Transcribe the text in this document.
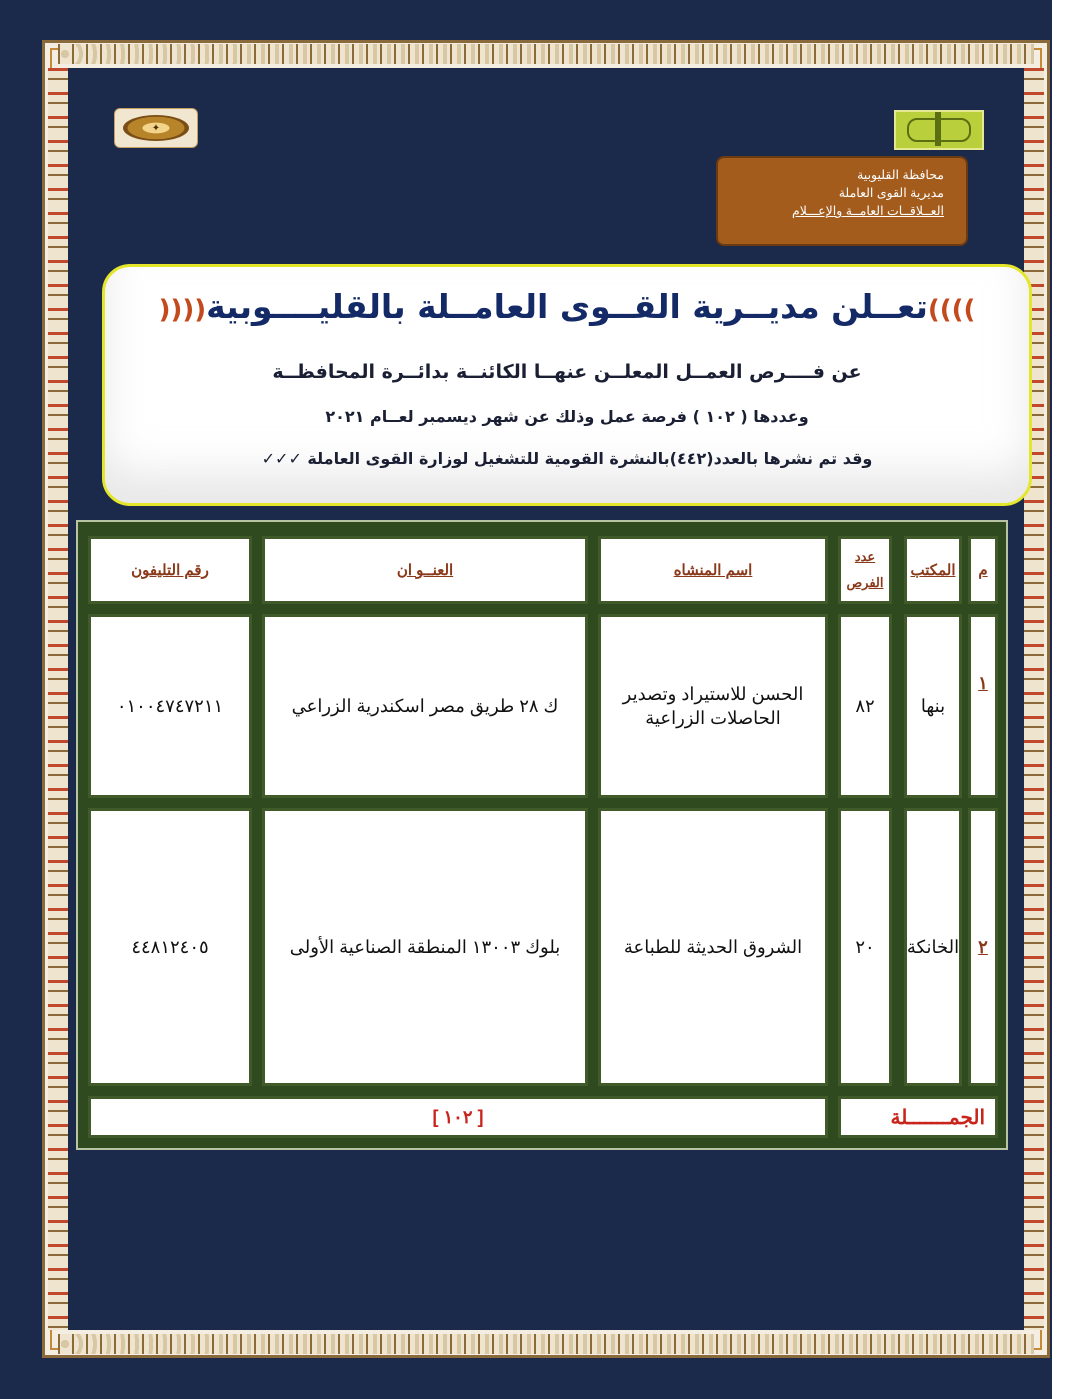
✦
محافظة القليوبية
مديرية القوى العاملة
العــلاقــات العامــة والإعـــلام
))))تعــلن مديــرية القــوى العامــلة بالقليــــوبية((((
عن فــــرص العمــل المعلــن عنهــا الكائنــة بدائــرة المحافظــة
وعددها ( ١٠٢ ) فرصة عمل وذلك عن شهر ديسمبر لعــام ٢٠٢١
وقد تم نشرها بالعدد(٤٤٢)بالنشرة القومية للتشغيل لوزارة القوى العاملة ✓✓✓
م
المكتب
عدد الفرص
اسم المنشاه
العنــو ان
رقم التليفون
١
بنها
٨٢
الحسن للاستيراد وتصدير الحاصلات الزراعية
ك ٢٨ طريق مصر اسكندرية الزراعي
٠١٠٠٤٧٤٧٢١١
٢
الخانكة
٢٠
الشروق الحديثة للطباعة
بلوك ١٣٠٠٣ المنطقة الصناعية الأولى
٤٤٨١٢٤٠٥
الجمـــــــلة
[ ١٠٢ ]
